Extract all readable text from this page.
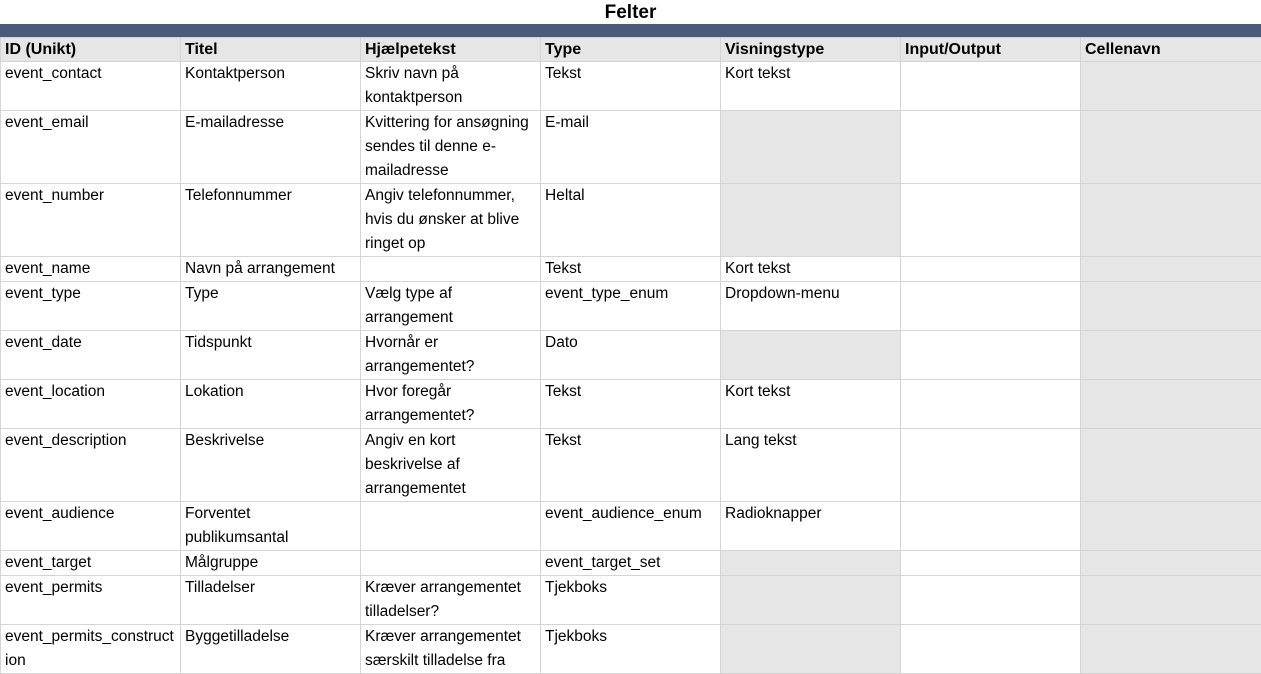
Felter
ID (Unikt)	Titel	Hjælpetekst	Type	Visningstype	Input/Output	Cellenavn
event_contact	Kontaktperson	Skriv navn på kontaktperson	Tekst	Kort tekst		
event_email	E-mailadresse	Kvittering for ansøgning sendes til denne e-mailadresse	E-mail			
event_number	Telefonnummer	Angiv telefonnummer, hvis du ønsker at blive ringet op	Heltal			
event_name	Navn på arrangement		Tekst	Kort tekst		
event_type	Type	Vælg type af arrangement	event_type_enum	Dropdown-menu		
event_date	Tidspunkt	Hvornår er arrangementet?	Dato			
event_location	Lokation	Hvor foregår arrangementet?	Tekst	Kort tekst		
event_description	Beskrivelse	Angiv en kort beskrivelse af arrangementet	Tekst	Lang tekst		
event_audience	Forventet publikumsantal		event_audience_enum	Radioknapper		
event_target	Målgruppe		event_target_set			
event_permits	Tilladelser	Kræver arrangementet tilladelser?	Tjekboks			
event_permits_construction	Byggetilladelse	Kræver arrangementet særskilt tilladelse fra	Tjekboks			
